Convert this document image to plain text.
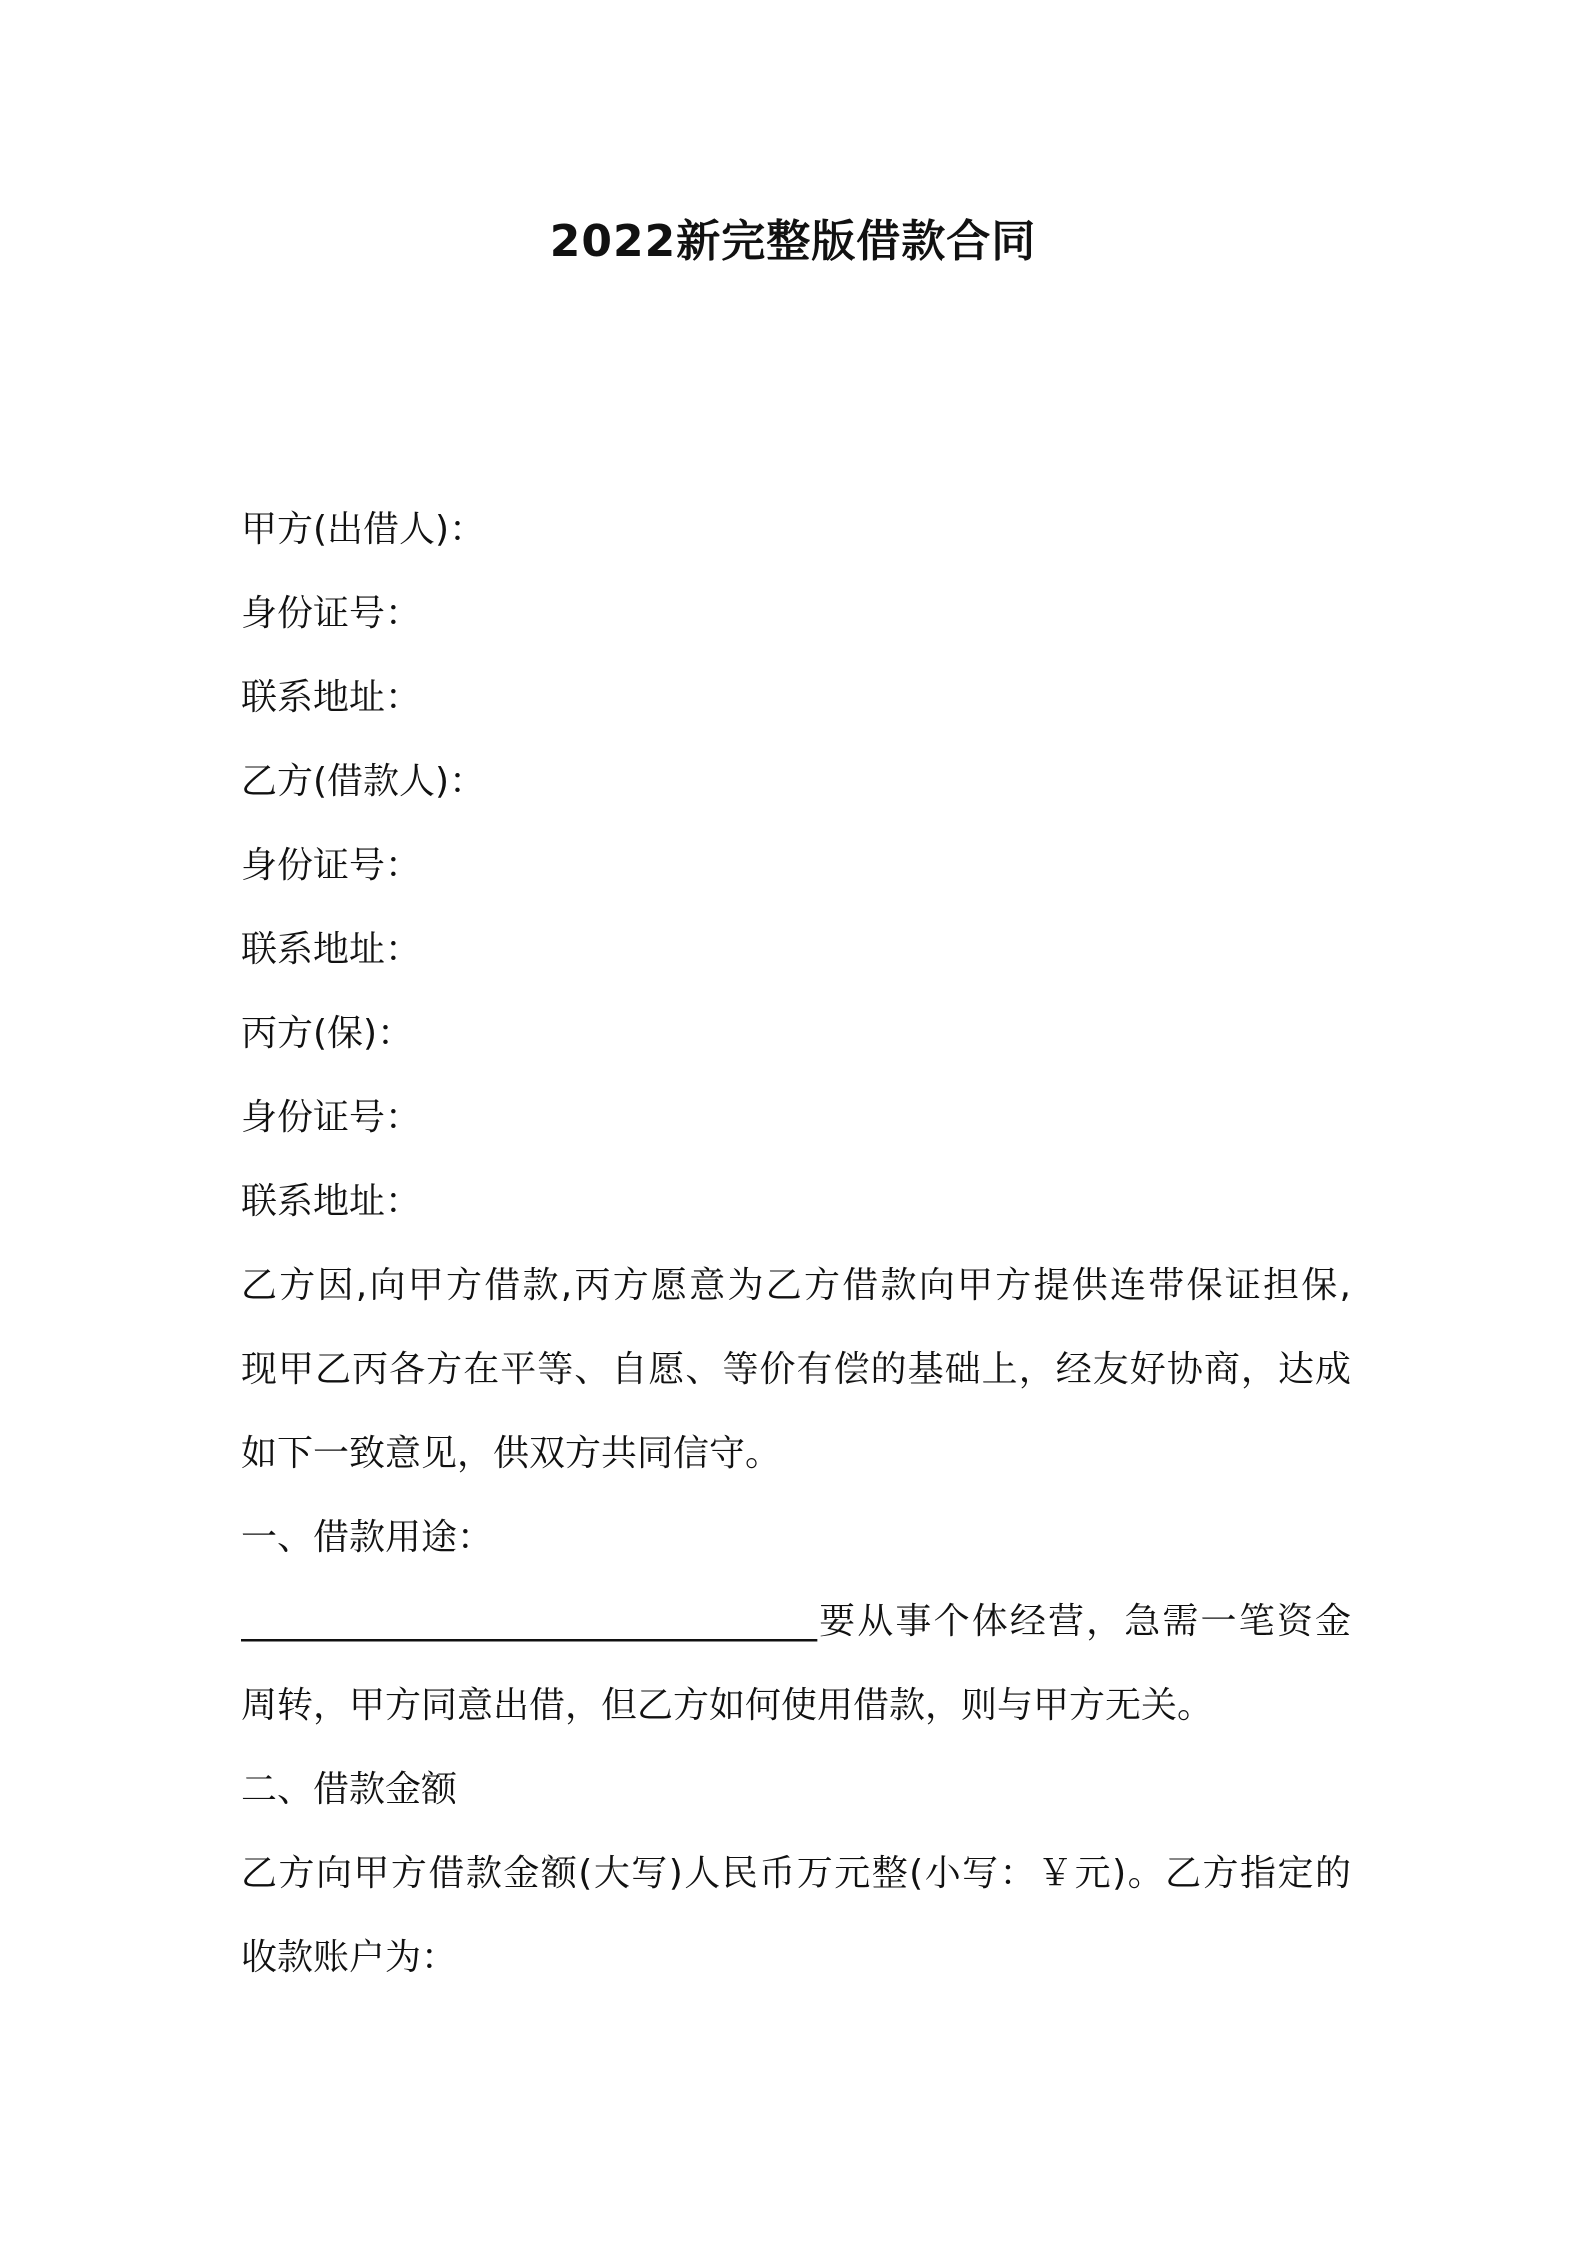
2022新完整版借款合同
甲方(出借人)：
身份证号：
联系地址：
乙方(借款人)：
身份证号：
联系地址：
丙方(保)：
身份证号：
联系地址：
乙方因,向甲方借款,丙方愿意为乙方借款向甲方提供连带保证担保,
现甲乙丙各方在平等、自愿、等价有偿的基础上，经友好协商，达成
如下一致意见，供双方共同信守。
一、借款用途：
________________________________要从事个体经营，急需一笔资金
周转，甲方同意出借，但乙方如何使用借款，则与甲方无关。
二、借款金额
乙方向甲方借款金额(大写)人民币万元整(小写：￥元)。乙方指定的
收款账户为：
